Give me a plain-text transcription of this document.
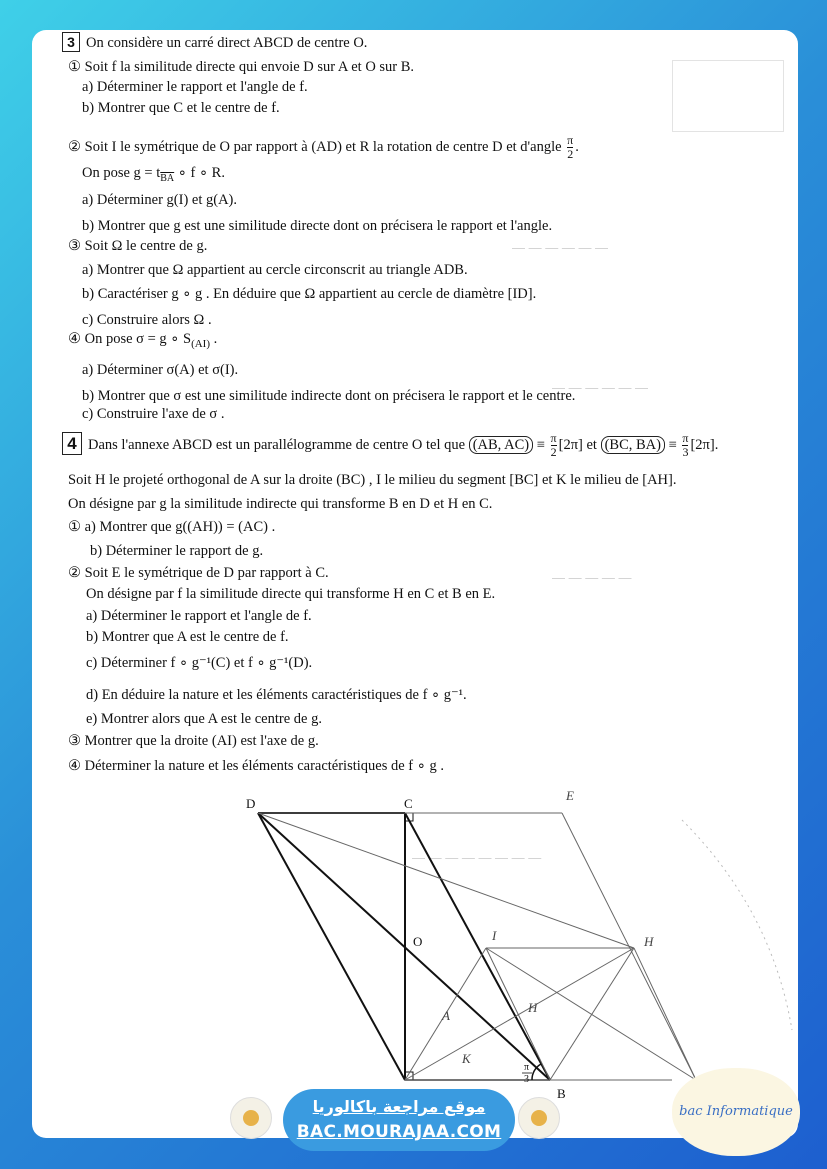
— — — — — —
— — — — — —
— — — — —
— — — — — — — —
3 On considère un carré direct ABCD de centre O.
① Soit f la similitude directe qui envoie D sur A et O sur B.
a) Déterminer le rapport et l'angle de f.
b) Montrer que C et le centre de f.
② Soit I le symétrique de O par rapport à (AD) et R la rotation de centre D et d'angle $\frac{\pi}{2}$ .
On pose $g = t_{\overline{BA}}$ ∘ f ∘ R.
a) Déterminer g(I) et g(A).
b) Montrer que g est une similitude directe dont on précisera le rapport et l'angle.
③ Soit Ω le centre de g.
a) Montrer que Ω appartient au cercle circonscrit au triangle ADB.
b) Caractériser g ∘ g . En déduire que Ω appartient au cercle de diamètre [ID].
c) Construire alors Ω .
④ On pose σ = g ∘ $S_{(AI)}$ .
a) Déterminer σ(A) et σ(I).
b) Montrer que σ est une similitude indirecte dont on précisera le rapport et le centre.
c) Construire l'axe de σ .
4 Dans l'annexe ABCD est un parallélogramme de centre O tel que (AB, $AC) \equiv \frac{\pi}{2} [2\pi]$ et (BC, $BA) \equiv \frac{\pi}{3} [2\pi]$.
Soit H le projeté orthogonal de A sur la droite (BC) , I le milieu du segment [BC] et K le milieu de [AH].
On désigne par g la similitude indirecte qui transforme B en D et H en C.
① a) Montrer que g((AH)) = (AC) .
b) Déterminer le rapport de g.
② Soit E le symétrique de D par rapport à C.
On désigne par f la similitude directe qui transforme H en C et B en E.
a) Déterminer le rapport et l'angle de f.
b) Montrer que A est le centre de f.
c) Déterminer f ∘ g⁻¹(C) et f ∘ g⁻¹(D).
d) En déduire la nature et les éléments caractéristiques de f ∘ g⁻¹.
e) Montrer alors que A est le centre de g.
③ Montrer que la droite (AI) est l'axe de g.
④ Déterminer la nature et les éléments caractéristiques de f ∘ g .
D	C
O
B
E
H
I
K
H
A
π
3
موقع مراجعة باكالوريا
BAC.MOURAJAA.COM
bac Informatique
